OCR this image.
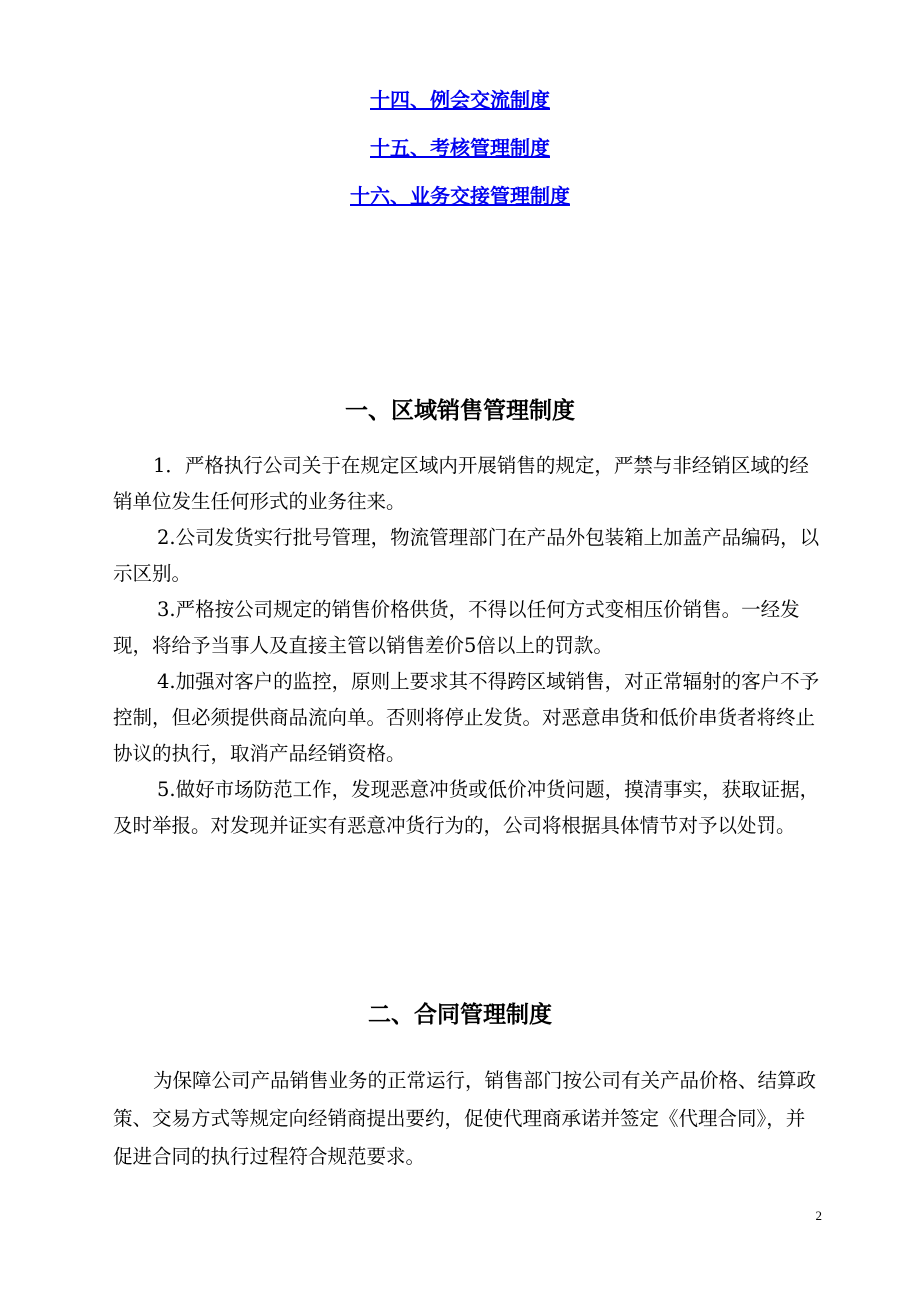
十四、例会交流制度
十五、考核管理制度
十六、业务交接管理制度
一、区域销售管理制度

1．严格执行公司关于在规定区域内开展销售的规定，严禁与非经销区域的经销单位发生任何形式的业务往来。

2.公司发货实行批号管理，物流管理部门在产品外包装箱上加盖产品编码，以示区别。

3.严格按公司规定的销售价格供货，不得以任何方式变相压价销售。一经发现，将给予当事人及直接主管以销售差价5倍以上的罚款。

4.加强对客户的监控，原则上要求其不得跨区域销售，对正常辐射的客户不予控制，但必须提供商品流向单。否则将停止发货。对恶意串货和低价串货者将终止协议的执行，取消产品经销资格。

5.做好市场防范工作，发现恶意冲货或低价冲货问题，摸清事实，获取证据，及时举报。对发现并证实有恶意冲货行为的，公司将根据具体情节对予以处罚。

二、合同管理制度

为保障公司产品销售业务的正常运行，销售部门按公司有关产品价格、结算政策、交易方式等规定向经销商提出要约，促使代理商承诺并签定《代理合同》，并促进合同的执行过程符合规范要求。

2
